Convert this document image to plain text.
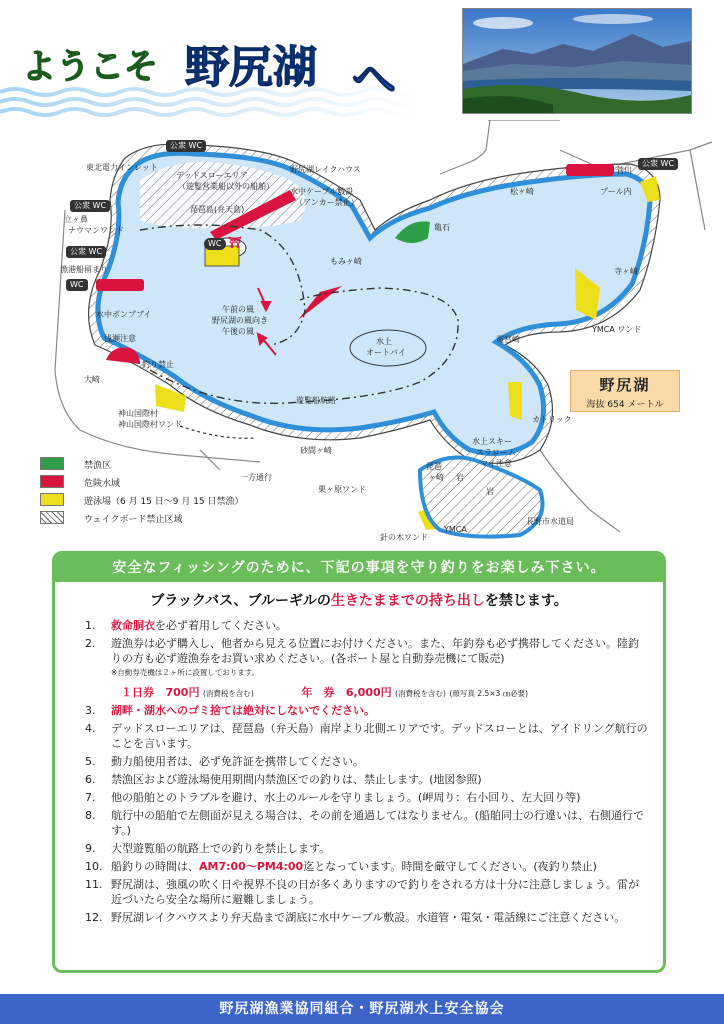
ようこそ 野尻湖 へ
公衆 WC
東北電力インレット
デッドスローエリア
（遊覧営業船以外の船舶）
琵琶島(弁天島)
野尻湖レイクハウス
水中ケーブル敷設
（アンカー禁止）
公衆 WC
立ヶ鼻
ナウマンワンド
公衆 WC
WC ⛩
漁港船留まり
WC	自動券売機
水中ポンプブイ
浅瀬注意
釣り禁止
大崎
神山国際村
神山国際村ワンド
亀石
もみヶ崎
自動券売機 菅川
公衆 WC
松ヶ崎	プール内
寺ヶ崎
YMCA ワンド
電宮崎
午前の風
野尻湖の風向き
午後の風
水上
オートバイ
遊覧船航路
カトリック
砂間ヶ崎
一方通行
栗ヶ原ワンド
水上スキー
スラローム
マイ注意
琵琶
ヶ崎 岩
岩
YMCA
長野市水道局
針の木ワンド
野尻湖
海抜 654 メートル
禁漁区
危険水域
遊泳場（6 月 15 日〜9 月 15 日禁漁）
ウェイクボード禁止区域
安全なフィッシングのために、下記の事項を守り釣りをお楽しみ下さい。
ブラックバス、ブルーギルの生きたままでの持ち出しを禁じます。
1. 救命胴衣を必ず着用してください。
2. 遊漁券は必ず購入し、他者から見える位置にお付けください。また、年釣券も必ず携帯してください。陸釣りの方も必ず遊漁券をお買い求めください。(各ボート屋と自動券売機にて販売)
※自動券売機は２ヶ所に設置しております。
１日券 700円 (消費税を含む)	年　券 6,000円 (消費税を含む) (顔写真 2.5×3 ㎝必要)
3. 湖畔・湖水へのゴミ捨ては絶対にしないでください。
4. デッドスローエリアは、琵琶島（弁天島）南岸より北側エリアです。デッドスローとは、アイドリング航行のことを言います。
5. 動力船使用者は、必ず免許証を携帯してください。
6. 禁漁区および遊泳場使用期間内禁漁区での釣りは、禁止します。(地図参照)
7. 他の船舶とのトラブルを避け、水上のルールを守りましょう。(岬周り：右小回り、左大回り等)
8. 航行中の船舶で左側面が見える場合は、その前を通過してはなりません。(船舶同士の行違いは、右側通行です。)
9. 大型遊覧船の航路上での釣りを禁止します。
10. 船釣りの時間は、AM7:00〜PM4:00迄となっています。時間を厳守してください。(夜釣り禁止)
11. 野尻湖は、強風の吹く日や視界不良の日が多くありますので釣りをされる方は十分に注意しましょう。雷が近づいたら安全な場所に避難しましょう。
12. 野尻湖レイクハウスより弁天島まで湖底に水中ケーブル敷設。水道管・電気・電話線にご注意ください。
野尻湖漁業協同組合・野尻湖水上安全協会
